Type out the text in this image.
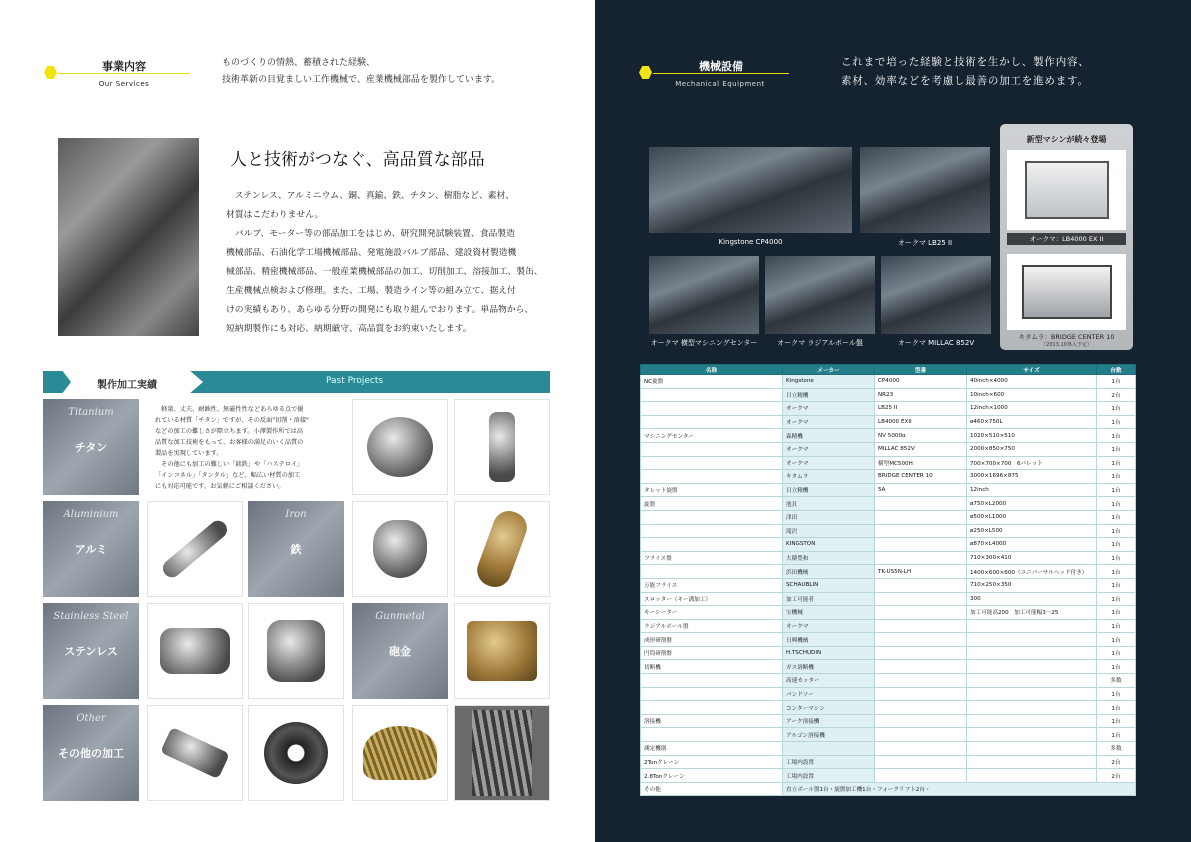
事業内容
Our Services
ものづくりの情熱、蓄積された経験、
技術革新の目覚ましい工作機械で、産業機械部品を製作しています。
人と技術がつなぐ、高品質な部品
　ステンレス、アルミニウム、銅、真鍮、鉄、チタン、樹脂など、素材、
材質はこだわりません。
　パルプ、モーター等の部品加工をはじめ、研究開発試験装置、食品製造
機械部品、石油化学工場機械部品、発電施設バルブ部品、建設資材製造機
械部品、精密機械部品、一般産業機械部品の加工、切削加工、溶接加工、製缶、
生産機械点検および修理。また、工場、製造ライン等の組み立て、据え付
けの実績もあり、あらゆる分野の開発にも取り組んでおります。単品物から、
短納期製作にも対応、納期厳守、高品質をお約束いたします。
製作加工実績	Past Projects
Titanium
チタン
　軽量、丈夫、耐蝕性、無磁性性などあらゆる点で優
れている材質「チタン」ですが、その反面"切削・溶接"
などの加工の難しさが際立ちます。小澤製作所では高
品質な加工技術をもって、お客様の満足のいく品質の
製品を実現しています。
　その他にも加工の難しい「銘鉄」や「ハステロイ」
「インコネル」「タンタル」など、幅広い材質の加工
にも対応可能です。お気軽にご相談ください。
Aluminium
アルミ
Iron
鉄
Stainless Steel
ステンレス
Gunmetal
砲金
Other
その他の加工
機械設備
Mechanical Equipment
これまで培った経験と技術を生かし、製作内容、
素材、効率などを考慮し最善の加工を進めます。
Kingstone CP4000	オークマ LB25 II
オークマ 横型マシニングセンター	オークマ ラジアルボール盤	オークマ MILLAC 852V
新型マシンが続々登場
オークマ：LB4000 EX II
キタムラ：BRIDGE CENTER 10
（2013.10導入予定）
名称	メーカー	型番	サイズ	台数
NC旋盤	Kingstone	CP4000	40inch×4000	1台
	日立精機	NR23	10inch×600	2台
	オークマ	LB25 II	12inch×1000	1台
	オークマ	LB4000 EXII	ø460×750L	1台
マシニングセンター	森精機	NV 5000α	1020×510×510	1台
	オークマ	MILLAC 852V	2000×850×750	1台
	オークマ	横型MC500H	700×700×700　6パレット	1台
	キタムラ	BRIDGE CENTER 10	3000×1696×875	1台
タレット旋盤	日立精機	5A	12inch	1台
旋盤	池貝		ø750×L2000	1台
	津田		ø500×L1000	1台
	滝沢		ø250×L500	1台
	KINGSTON		ø870×L4000	1台
フライス盤	大隈豊和		710×300×410	1台
	浜田機械	TK-US5N-LH	1400×600×600（ユニバーサルヘッド付き）	1台
万能フライス	SCHAUBLIN		710×250×350	1台
スロッター（キー溝加工）	加工可能者		300	1台
キーシーター	宝機械		加工可能高200　加工可能幅3〜25	1台
ラジアルボール盤	オークマ			1台
成形研削盤	日興機械			1台
円筒研削盤	H.TSCHUDIN			1台
切断機	ガス溶断機			1台
	高速カッター			多数
	バンドソー			1台
	コンターマシン			1台
溶接機	アーク溶接機			1台
	アルゴン溶接機			1台
測定機器				多数
2Tonクレーン	工場内設置			2台
2.8Tonクレーン	工場内設置			2台
その他	直立ボール盤1台・旋盤加工機1台・フォークリフト2台・			
